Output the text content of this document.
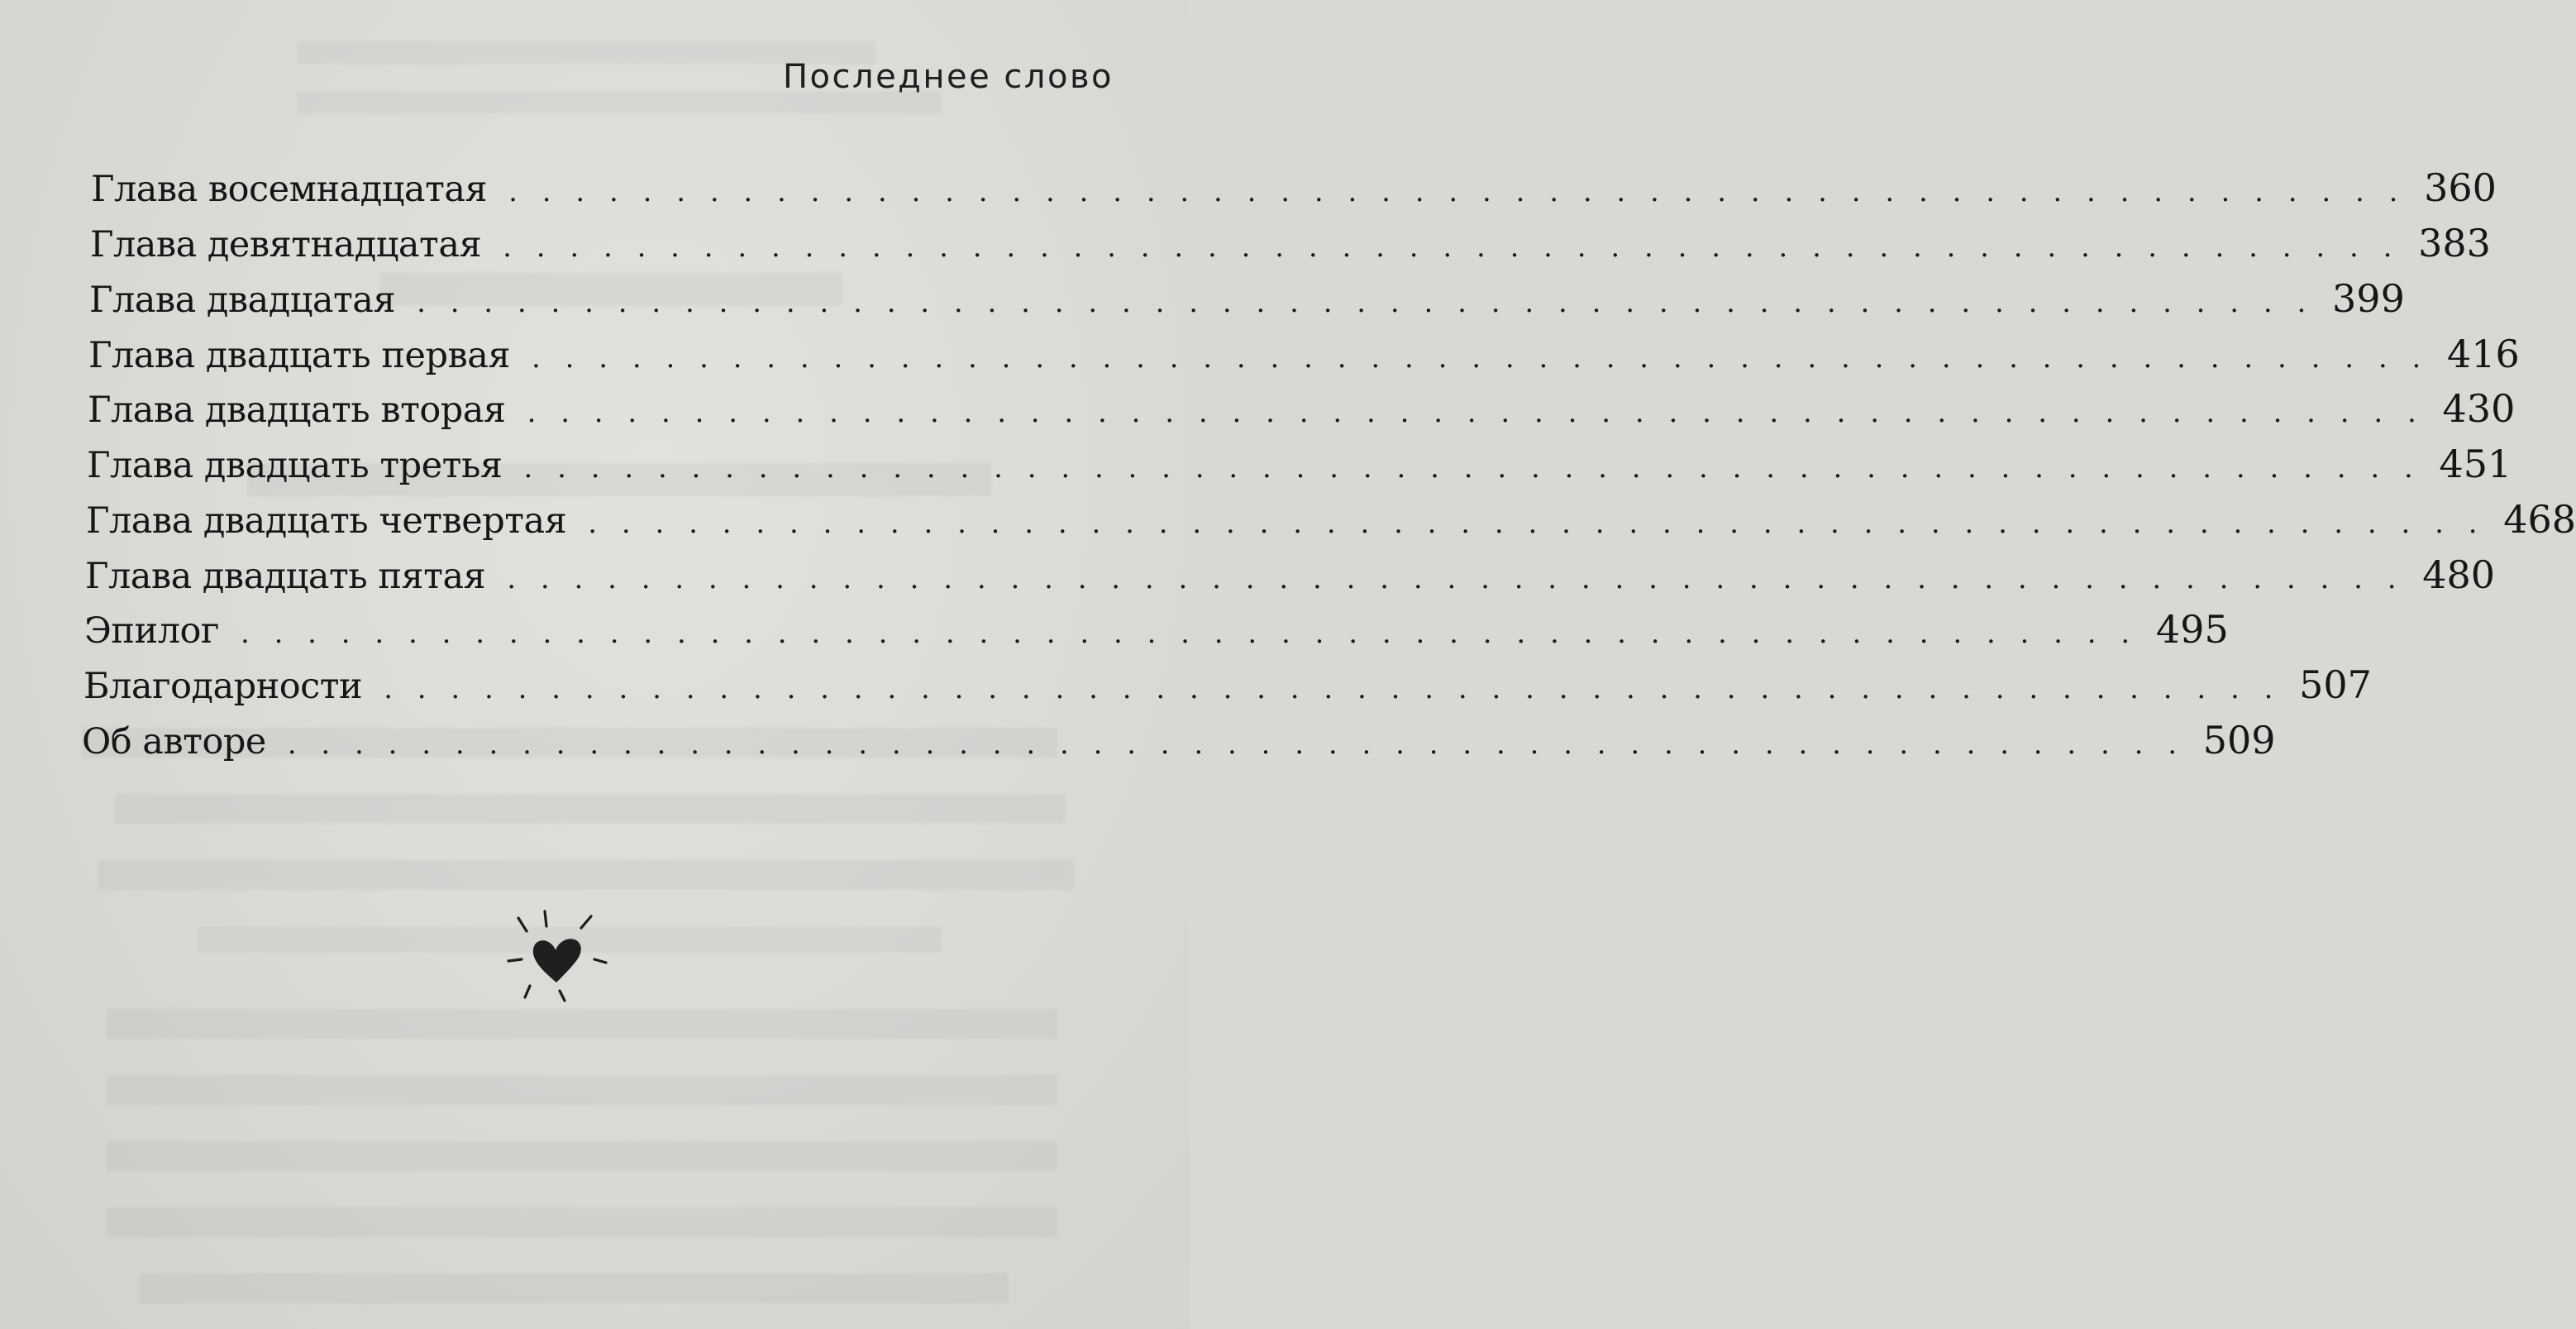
Последнее слово
Глава восемнадцатая . . . . . . . . . . . . . . . . . . . . . . . . . . . . . . . . . . . . . . . . . . . . . . . . . . . . . . . . . 360
Глава девятнадцатая . . . . . . . . . . . . . . . . . . . . . . . . . . . . . . . . . . . . . . . . . . . . . . . . . . . . . . . . . 383
Глава двадцатая . . . . . . . . . . . . . . . . . . . . . . . . . . . . . . . . . . . . . . . . . . . . . . . . . . . . . . . . . 399
Глава двадцать первая . . . . . . . . . . . . . . . . . . . . . . . . . . . . . . . . . . . . . . . . . . . . . . . . . . . . . . . . . 416
Глава двадцать вторая . . . . . . . . . . . . . . . . . . . . . . . . . . . . . . . . . . . . . . . . . . . . . . . . . . . . . . . . . 430
Глава двадцать третья . . . . . . . . . . . . . . . . . . . . . . . . . . . . . . . . . . . . . . . . . . . . . . . . . . . . . . . . . 451
Глава двадцать четвертая . . . . . . . . . . . . . . . . . . . . . . . . . . . . . . . . . . . . . . . . . . . . . . . . . . . . . . . . . 468
Глава двадцать пятая . . . . . . . . . . . . . . . . . . . . . . . . . . . . . . . . . . . . . . . . . . . . . . . . . . . . . . . . . 480
Эпилог . . . . . . . . . . . . . . . . . . . . . . . . . . . . . . . . . . . . . . . . . . . . . . . . . . . . . . . . . 495
Благодарности . . . . . . . . . . . . . . . . . . . . . . . . . . . . . . . . . . . . . . . . . . . . . . . . . . . . . . . . . 507
Об авторе . . . . . . . . . . . . . . . . . . . . . . . . . . . . . . . . . . . . . . . . . . . . . . . . . . . . . . . . . 509
